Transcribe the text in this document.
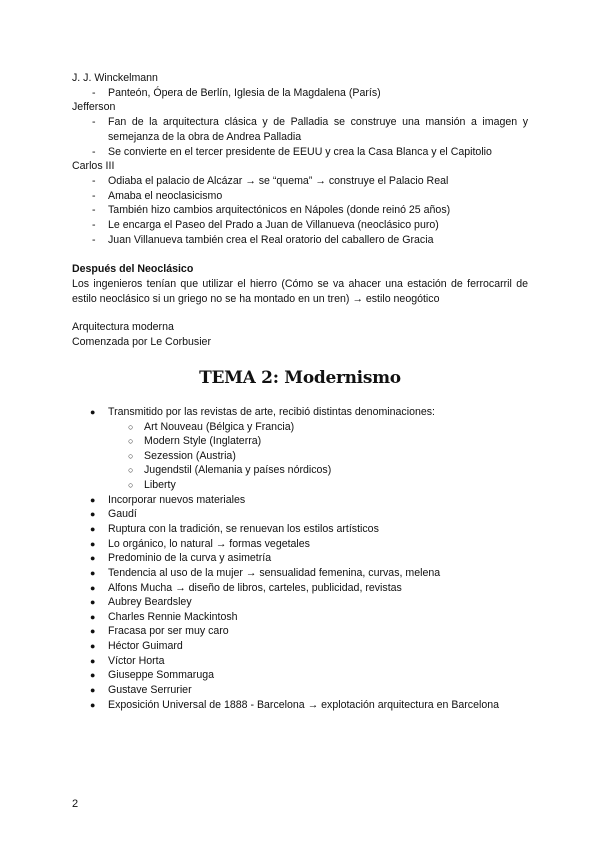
J. J. Winckelmann

- Panteón, Ópera de Berlín, Iglesia de la Magdalena (París)

Jefferson

- Fan de la arquitectura clásica y de Palladia se construye una mansión a imagen y semejanza de la obra de Andrea Palladia
- Se convierte en el tercer presidente de EEUU y crea la Casa Blanca y el Capitolio

Carlos III

- Odiaba el palacio de Alcázar → se “quema” → construye el Palacio Real
- Amaba el neoclasicismo
- También hizo cambios arquitectónicos en Nápoles (donde reinó 25 años)
- Le encarga el Paseo del Prado a Juan de Villanueva (neoclásico puro)
- Juan Villanueva también crea el Real oratorio del caballero de Gracia

Después del Neoclásico

Los ingenieros tenían que utilizar el hierro (Cómo se va ahacer una estación de ferrocarril de estilo neoclásico si un griego no se ha montado en un tren) → estilo neogótico

Arquitectura moderna

Comenzada por Le Corbusier

TEMA 2: Modernismo
● Transmitido por las revistas de arte, recibió distintas denominaciones:
○ Art Nouveau (Bélgica y Francia)
○ Modern Style (Inglaterra)
○ Sezession (Austria)
○ Jugendstil (Alemania y países nórdicos)
○ Liberty
● Incorporar nuevos materiales
● Gaudí
● Ruptura con la tradición, se renuevan los estilos artísticos
● Lo orgánico, lo natural → formas vegetales
● Predominio de la curva y asimetría
● Tendencia al uso de la mujer → sensualidad femenina, curvas, melena
● Alfons Mucha → diseño de libros, carteles, publicidad, revistas
● Aubrey Beardsley
● Charles Rennie Mackintosh
● Fracasa por ser muy caro
● Héctor Guimard
● Víctor Horta
● Giuseppe Sommaruga
● Gustave Serrurier
● Exposición Universal de 1888 - Barcelona → explotación arquitectura en Barcelona
2
